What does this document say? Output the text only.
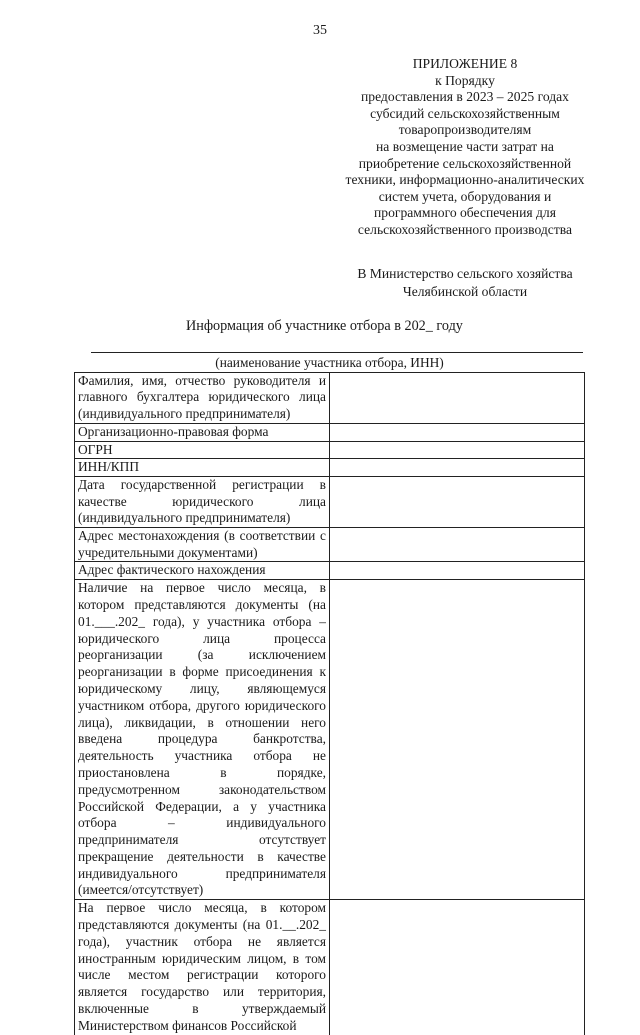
35
ПРИЛОЖЕНИЕ 8
к Порядку
предоставления в 2023 – 2025 годах
субсидий сельскохозяйственным
товаропроизводителям
на возмещение части затрат на
приобретение сельскохозяйственной
техники, информационно-аналитических
систем учета, оборудования и
программного обеспечения для
сельскохозяйственного производства
В Министерство сельского хозяйства
Челябинской области
Информация об участнике отбора в 202_ году
(наименование участника отбора, ИНН)	
Фамилия, имя, отчество руководителя и главного бухгалтера юридического лица (индивидуального предпринимателя)	
Организационно-правовая форма	
ОГРН	
ИНН/КПП	
Дата государственной регистрации в качестве юридического лица (индивидуального предпринимателя)	
Адрес местонахождения (в соответствии с учредительными документами)	
Адрес фактического нахождения	
Наличие на первое число месяца, в котором представляются документы (на 01.___.202_ года), у участника отбора – юридического лица процесса реорганизации (за исключением реорганизации в форме присоединения к юридическому лицу, являющемуся участником отбора, другого юридического лица), ликвидации, в отношении него введена процедура банкротства, деятельность участника отбора не приостановлена в порядке, предусмотренном законодательством Российской Федерации, а у участника отбора – индивидуального предпринимателя отсутствует прекращение деятельности в качестве индивидуального предпринимателя (имеется/отсутствует)	
На первое число месяца, в котором представляются документы (на 01.__.202_ года), участник отбора не является иностранным юридическим лицом, в том числе местом регистрации которого является государство или территория, включенные в утверждаемый Министерством финансов Российской	
